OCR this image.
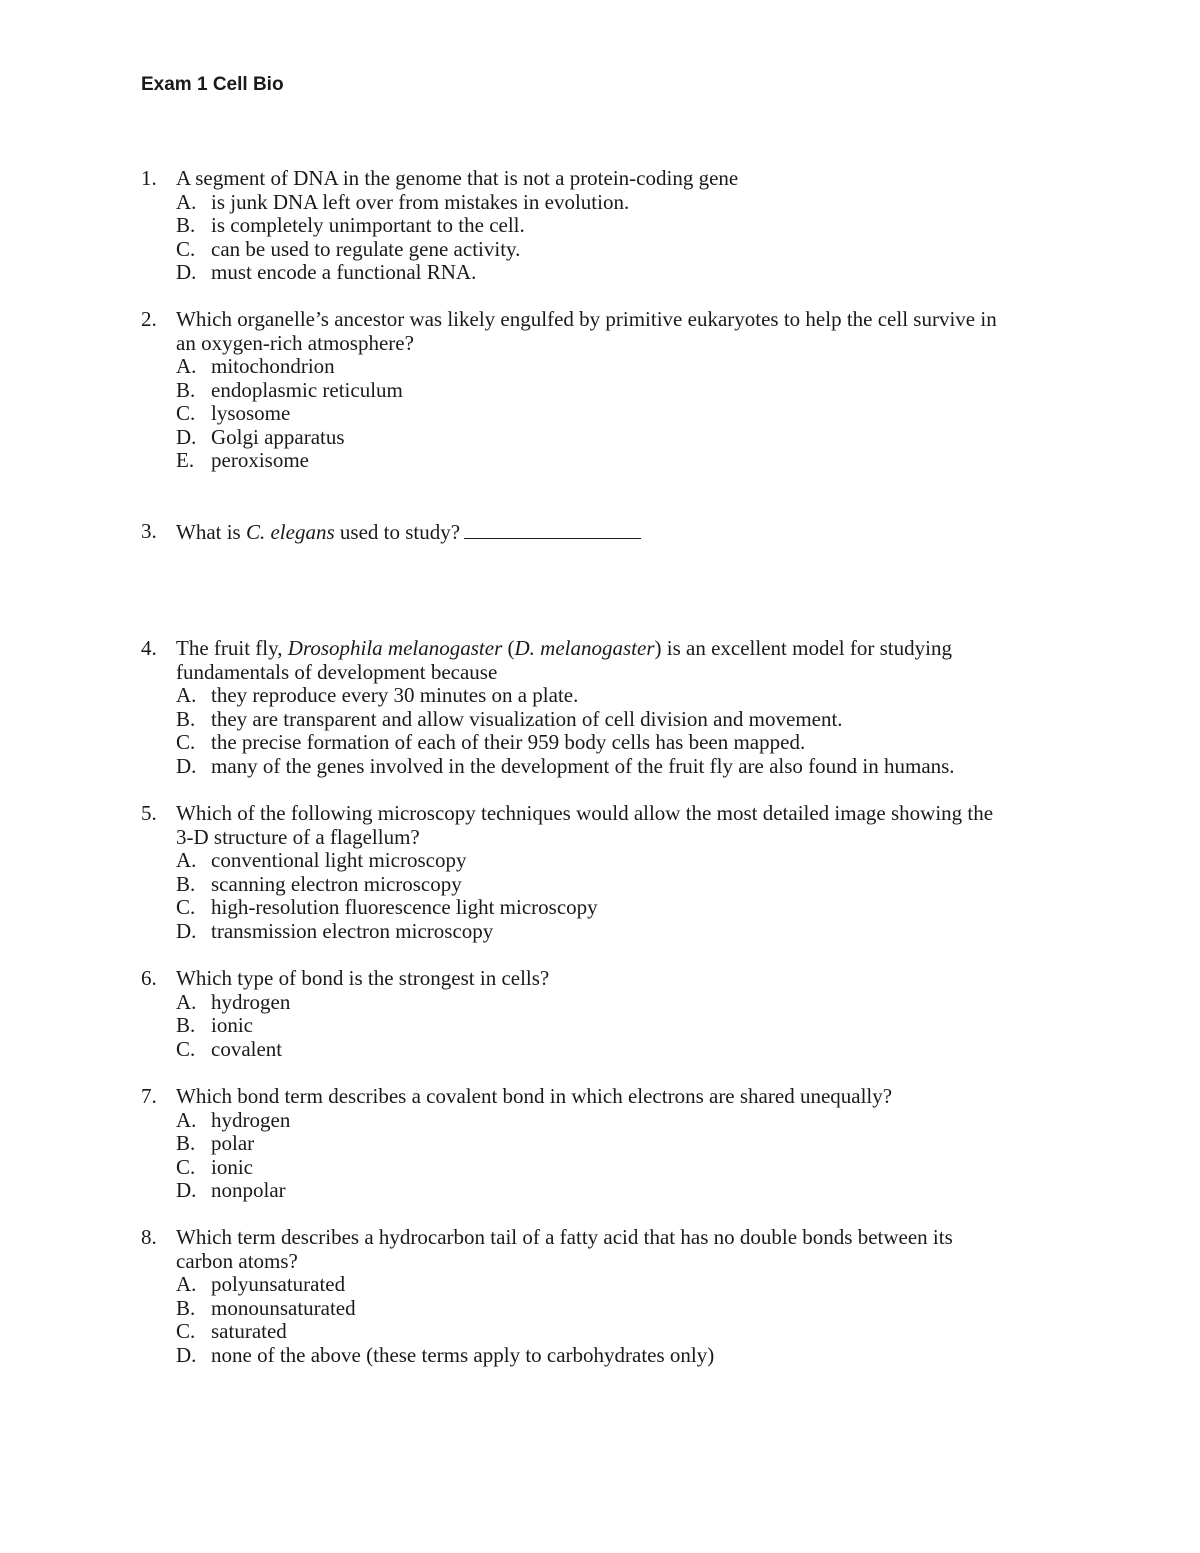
Exam 1 Cell Bio
1. A segment of DNA in the genome that is not a protein-coding gene
A. is junk DNA left over from mistakes in evolution.
B. is completely unimportant to the cell.
C. can be used to regulate gene activity.
D. must encode a functional RNA.
2. Which organelle’s ancestor was likely engulfed by primitive eukaryotes to help the cell survive in
an oxygen-rich atmosphere?
A. mitochondrion
B. endoplasmic reticulum
C. lysosome
D. Golgi apparatus
E. peroxisome
3. What is C. elegans used to study?
4. The fruit fly, Drosophila melanogaster (D. melanogaster) is an excellent model for studying
fundamentals of development because
A. they reproduce every 30 minutes on a plate.
B. they are transparent and allow visualization of cell division and movement.
C. the precise formation of each of their 959 body cells has been mapped.
D. many of the genes involved in the development of the fruit fly are also found in humans.
5. Which of the following microscopy techniques would allow the most detailed image showing the
3-D structure of a flagellum?
A. conventional light microscopy
B. scanning electron microscopy
C. high-resolution fluorescence light microscopy
D. transmission electron microscopy
6. Which type of bond is the strongest in cells?
A. hydrogen
B. ionic
C. covalent
7. Which bond term describes a covalent bond in which electrons are shared unequally?
A. hydrogen
B. polar
C. ionic
D. nonpolar
8. Which term describes a hydrocarbon tail of a fatty acid that has no double bonds between its
carbon atoms?
A. polyunsaturated
B. monounsaturated
C. saturated
D. none of the above (these terms apply to carbohydrates only)
